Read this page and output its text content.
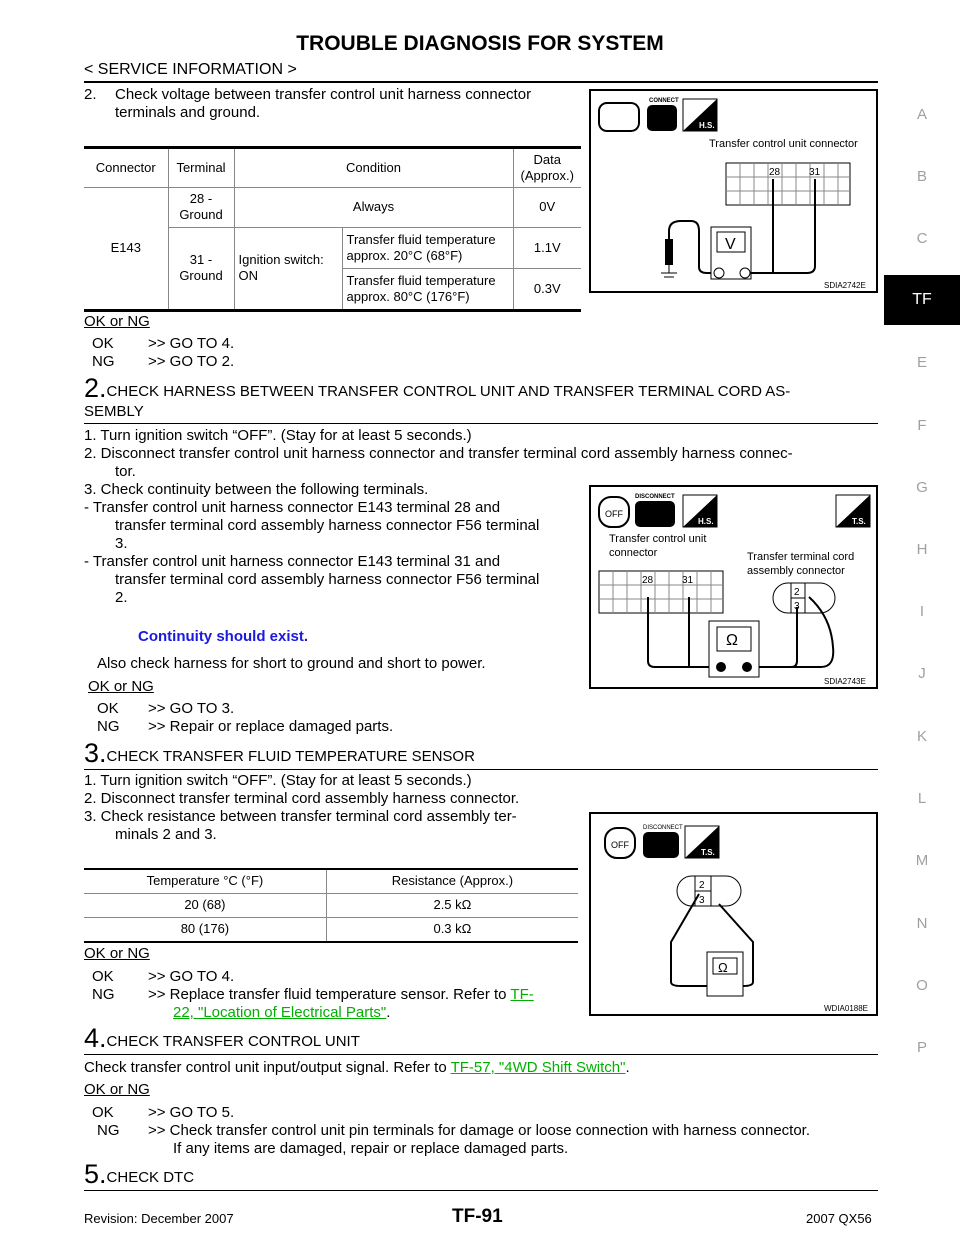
TROUBLE DIAGNOSIS FOR SYSTEM
< SERVICE INFORMATION >
A
B
C
TF
E
F
G
H
I
J
K
L
M
N
O
P
2. Check voltage between transfer control unit harness connector
terminals and ground.
Connector	Terminal	Condition		Data (Approx.)
E143	28 - Ground	Always		0V
	31 - Ground	Ignition switch: ON	Transfer fluid temperature approx. 20°C (68°F)	1.1V
			Transfer fluid temperature approx. 80°C (176°F)	0.3V
CONNECT
H.S.
Transfer control unit connector
28	31
V
SDIA2742E
OK or NG
OK >> GO TO 4.
NG >> GO TO 2.
2.CHECK HARNESS BETWEEN TRANSFER CONTROL UNIT AND TRANSFER TERMINAL CORD AS-
SEMBLY
1. Turn ignition switch “OFF”. (Stay for at least 5 seconds.)
2. Disconnect transfer control unit harness connector and transfer terminal cord assembly harness connec-
tor.
3. Check continuity between the following terminals.
- Transfer control unit harness connector E143 terminal 28 and
transfer terminal cord assembly harness connector F56 terminal
3.
- Transfer control unit harness connector E143 terminal 31 and
transfer terminal cord assembly harness connector F56 terminal
2.
Continuity should exist.
Also check harness for short to ground and short to power.
OK or NG
OK >> GO TO 3.
NG >> Repair or replace damaged parts.
OFF
DISCONNECT
H.S.	T.S.
Transfer control unit
connector	Transfer terminal cord
assembly connector
28	31
2
3
Ω
SDIA2743E
3.CHECK TRANSFER FLUID TEMPERATURE SENSOR
1. Turn ignition switch “OFF”. (Stay for at least 5 seconds.)
2. Disconnect transfer terminal cord assembly harness connector.
3. Check resistance between transfer terminal cord assembly ter-
minals 2 and 3.
Temperature °C (°F)	Resistance (Approx.)
20 (68)	2.5 kΩ
80 (176)	0.3 kΩ
OFF
DISCONNECT
T.S.
2
3
Ω
WDIA0188E
OK or NG
OK >> GO TO 4.
NG >> Replace transfer fluid temperature sensor. Refer to TF-
22, "Location of Electrical Parts".
4.CHECK TRANSFER CONTROL UNIT
Check transfer control unit input/output signal. Refer to TF-57, "4WD Shift Switch".
OK or NG
OK >> GO TO 5.
NG >> Check transfer control unit pin terminals for damage or loose connection with harness connector.
If any items are damaged, repair or replace damaged parts.
5.CHECK DTC
Revision: December 2007	TF-91	2007 QX56
